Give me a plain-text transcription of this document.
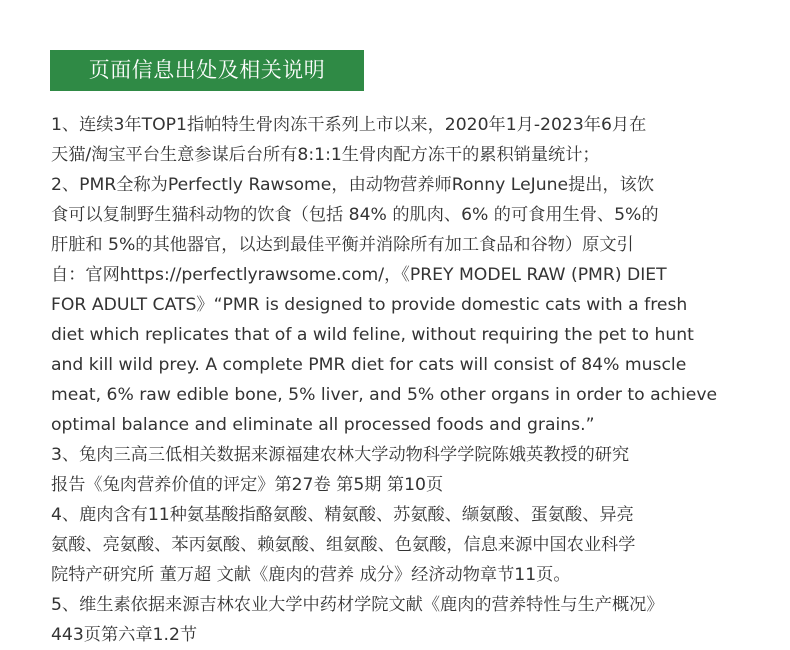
页面信息出处及相关说明
1、连续3年TOP1指帕特生骨肉冻干系列上市以来，2020年1月-2023年6月在
天猫/淘宝平台生意参谋后台所有8:1:1生骨肉配方冻干的累积销量统计；
2、PMR全称为Perfectly Rawsome，由动物营养师Ronny LeJune提出，该饮
食可以复制野生猫科动物的饮食（包括 84% 的肌肉、6% 的可食用生骨、5%的
肝脏和 5%的其他器官，以达到最佳平衡并消除所有加工食品和谷物）原文引
自：官网https://perfectlyrawsome.com/，《PREY MODEL RAW (PMR) DIET
FOR ADULT CATS》“PMR is designed to provide domestic cats with a fresh
diet which replicates that of a wild feline, without requiring the pet to hunt
and kill wild prey. A complete PMR diet for cats will consist of 84% muscle
meat, 6% raw edible bone, 5% liver, and 5% other organs in order to achieve
optimal balance and eliminate all processed foods and grains.”
3、兔肉三高三低相关数据来源福建农林大学动物科学学院陈娥英教授的研究
报告《兔肉营养价值的评定》第27卷 第5期 第10页
4、鹿肉含有11种氨基酸指酪氨酸、精氨酸、苏氨酸、缬氨酸、蛋氨酸、异亮
氨酸、亮氨酸、苯丙氨酸、赖氨酸、组氨酸、色氨酸，信息来源中国农业科学
院特产研究所 董万超 文献《鹿肉的营养 成分》经济动物章节11页。
5、维生素依据来源吉林农业大学中药材学院文献《鹿肉的营养特性与生产概况》
443页第六章1.2节
